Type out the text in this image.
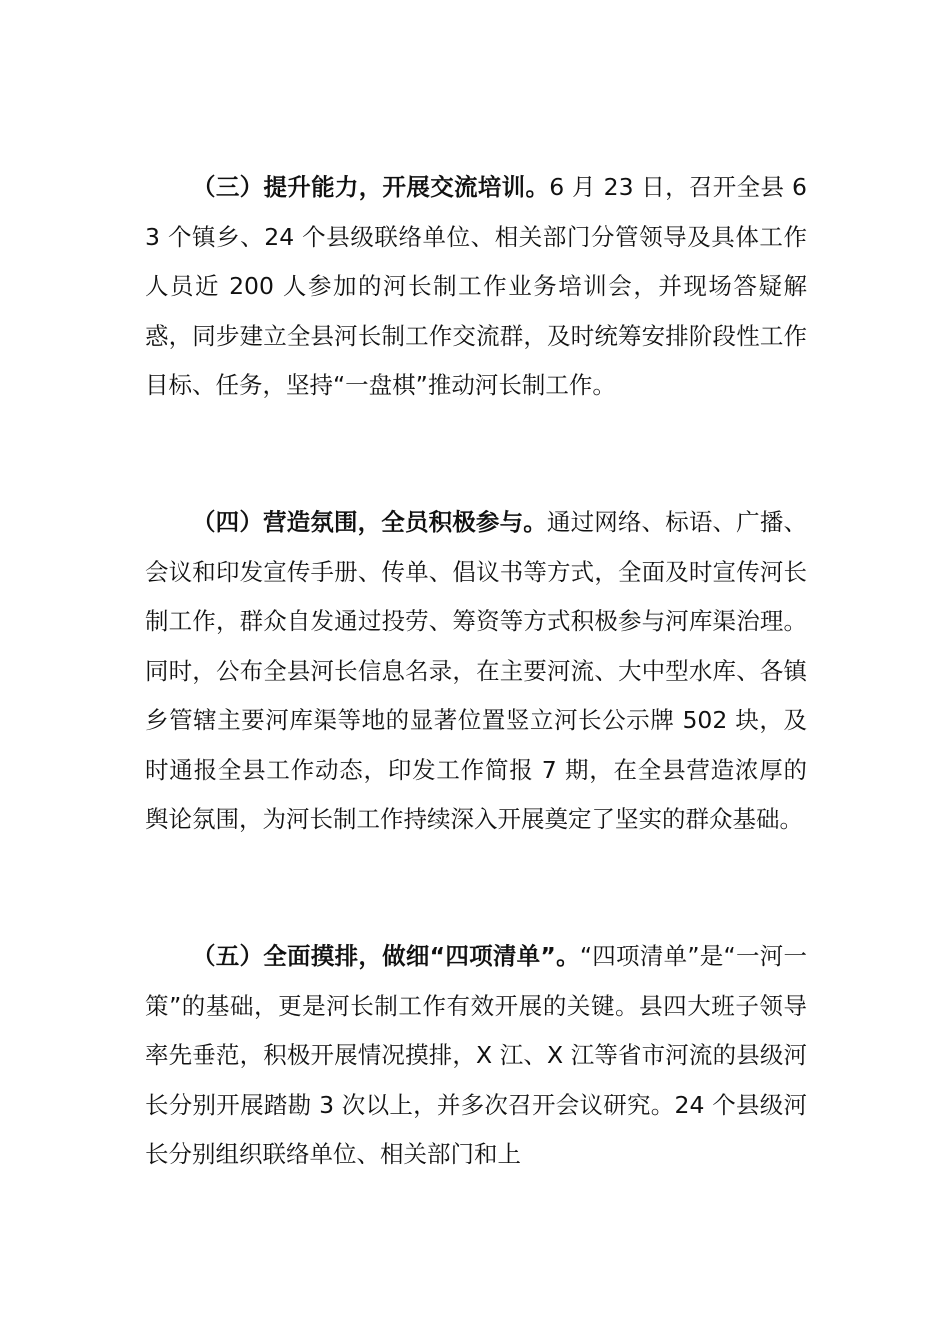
（三）提升能力，开展交流培训。6 月 23 日，召开全县 63 个镇乡、24 个县级联络单位、相关部门分管领导及具体工作人员近 200 人参加的河长制工作业务培训会，并现场答疑解惑，同步建立全县河长制工作交流群，及时统筹安排阶段性工作目标、任务，坚持“一盘棋”推动河长制工作。

（四）营造氛围，全员积极参与。通过网络、标语、广播、会议和印发宣传手册、传单、倡议书等方式，全面及时宣传河长制工作，群众自发通过投劳、筹资等方式积极参与河库渠治理。同时，公布全县河长信息名录，在主要河流、大中型水库、各镇乡管辖主要河库渠等地的显著位置竖立河长公示牌 502 块，及时通报全县工作动态，印发工作简报 7 期，在全县营造浓厚的舆论氛围，为河长制工作持续深入开展奠定了坚实的群众基础。

（五）全面摸排，做细“四项清单”。“四项清单”是“一河一策”的基础，更是河长制工作有效开展的关键。县四大班子领导率先垂范，积极开展情况摸排，X 江、X 江等省市河流的县级河长分别开展踏勘 3 次以上，并多次召开会议研究。24 个县级河长分别组织联络单位、相关部门和上
